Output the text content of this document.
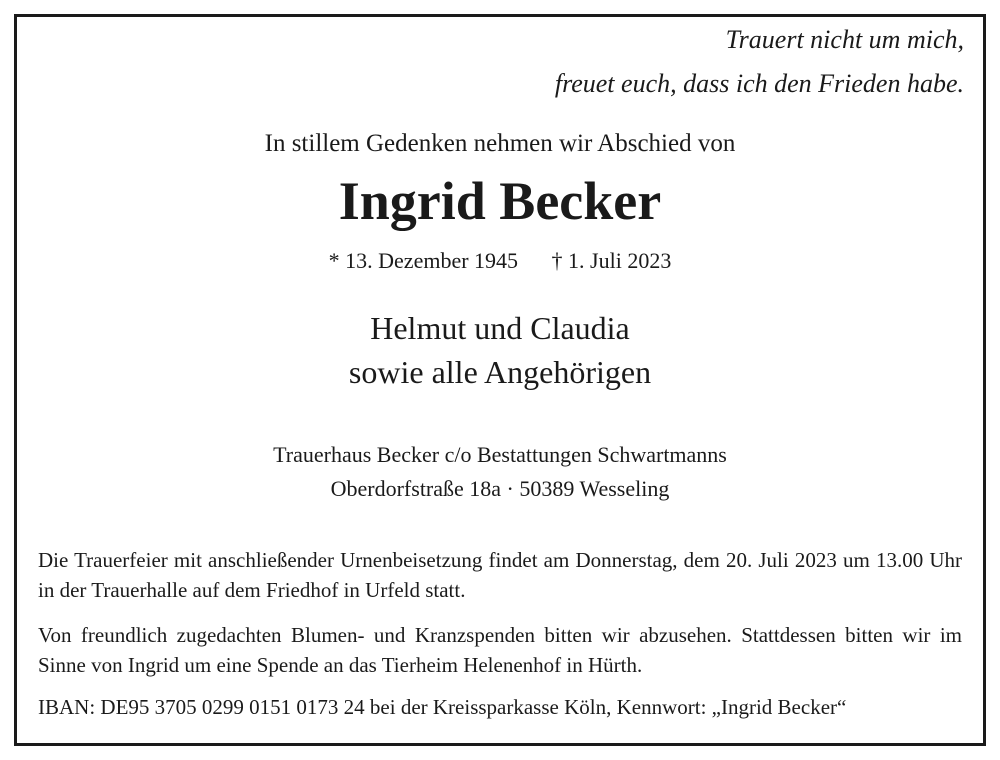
Trauert nicht um mich,
freuet euch, dass ich den Frieden habe.
In stillem Gedenken nehmen wir Abschied von
Ingrid Becker
* 13. Dezember 1945 † 1. Juli 2023
Helmut und Claudia
sowie alle Angehörigen
Trauerhaus Becker c/o Bestattungen Schwartmanns
Oberdorfstraße 18a · 50389 Wesseling
Die Trauerfeier mit anschließender Urnenbeisetzung findet am Donnerstag, dem 20. Juli 2023 um 13.00 Uhr in der Trauerhalle auf dem Friedhof in Urfeld statt.
Von freundlich zugedachten Blumen- und Kranzspenden bitten wir abzusehen. Stattdessen bitten wir im Sinne von Ingrid um eine Spende an das Tierheim Helenenhof in Hürth.
IBAN: DE95 3705 0299 0151 0173 24 bei der Kreissparkasse Köln, Kennwort: „Ingrid Becker“
